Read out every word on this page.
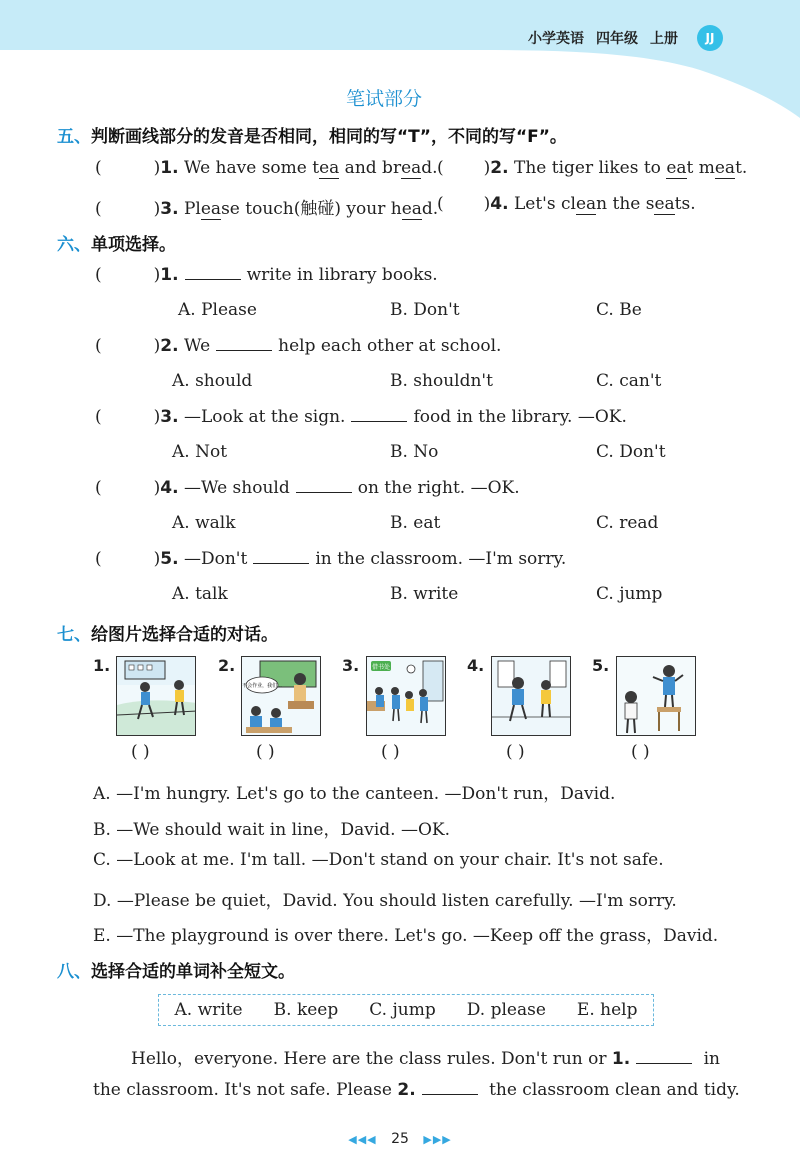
小学英语 四年级 上册	JJ
笔试部分
五、判断画线部分的发音是否相同，相同的写“T”，不同的写“F”。
(	)1. We have some tea and bread. ( )2. The tiger likes to eat meat.
(	)3. Please touch(触碰) your head.
( )4. Let's clean the seats.
六、单项选择。
(	)1.	write in library books.
A. Please	B. Don't	C. Be
(	)2. We	help each other at school.
A. should	B. shouldn't	C. can't
(	)3. —Look at the sign.	food in the library. —OK.
A. Not	B. No	C. Don't
(	)4. —We should	on the right. —OK.
A. walk	B. eat	C. read
(	)5. —Don't	in the classroom. —I'm sorry.
A. talk	B. write	C. jump
七、给图片选择合适的对话。
1.
( )
2.
不会作业，我们...
( )
3. 借书处
( )
4.
( )
5.
( )
A. —I'm hungry. Let's go to the canteen. —Don't run，David.
B. —We should wait in line，David. —OK.
C. —Look at me. I'm tall. —Don't stand on your chair. It's not safe.
D. —Please be quiet，David. You should listen carefully. —I'm sorry.
E. —The playground is over there. Let's go. —Keep off the grass，David.
八、选择合适的单词补全短文。
A. write B. keep C. jump D. please E. help
Hello，everyone. Here are the class rules. Don't run or 1.	in
the classroom. It's not safe. Please 2.	the classroom clean and tidy.
◀◀◀ 25 ▶▶▶
